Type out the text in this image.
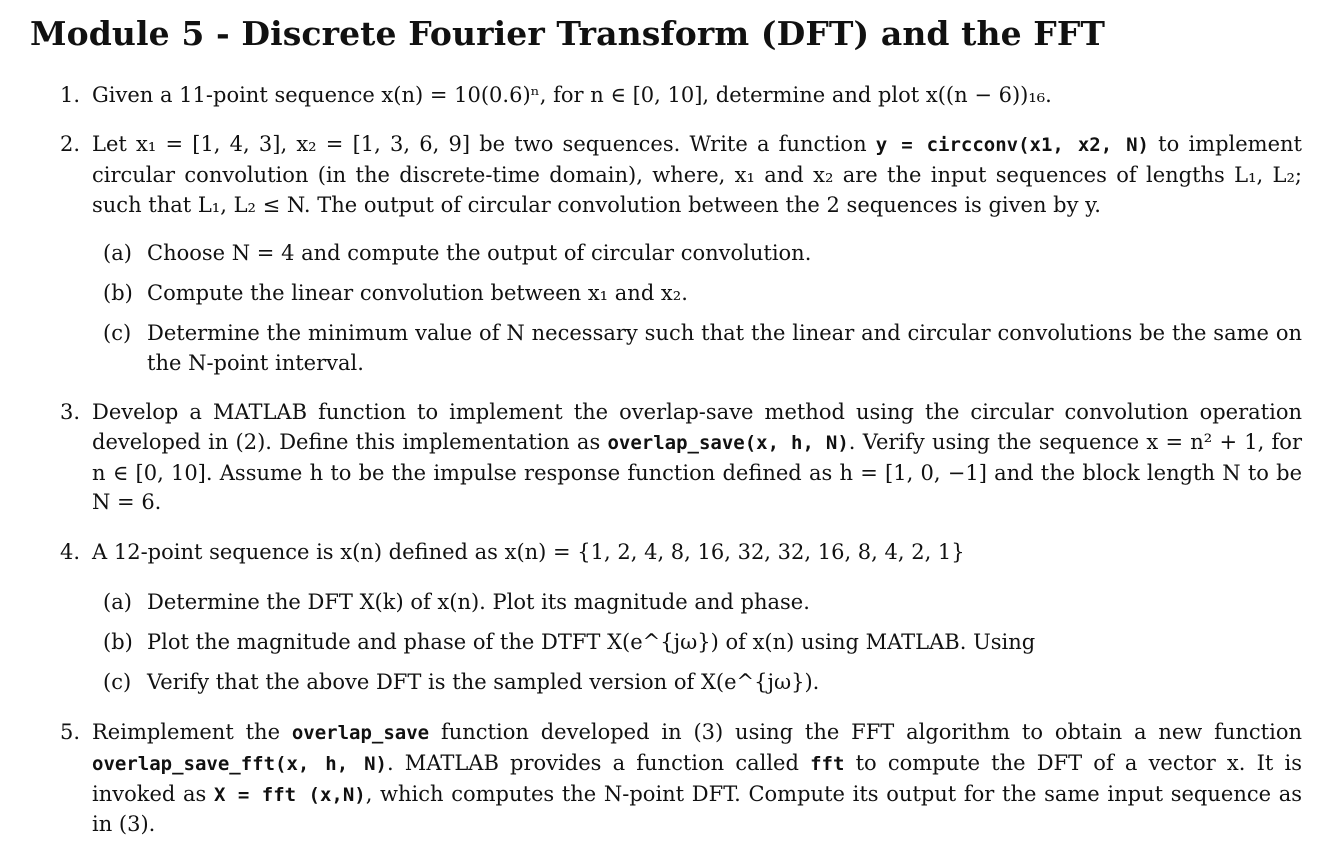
Module 5 - Discrete Fourier Transform (DFT) and the FFT
1. Given a 11-point sequence x(n) = 10(0.6)ⁿ, for n ∈ [0, 10], determine and plot x((n − 6))₁₆.
2. Let x₁ = [1, 4, 3], x₂ = [1, 3, 6, 9] be two sequences. Write a function y = circconv(x1, x2, N) to implement circular convolution (in the discrete-time domain), where, x₁ and x₂ are the input sequences of lengths L₁, L₂; such that L₁, L₂ ≤ N. The output of circular convolution between the 2 sequences is given by y.
(a) Choose N = 4 and compute the output of circular convolution.
(b) Compute the linear convolution between x₁ and x₂.
(c) Determine the minimum value of N necessary such that the linear and circular convolutions be the same on the N-point interval.
3. Develop a MATLAB function to implement the overlap-save method using the circular convolution operation developed in (2). Define this implementation as overlap_save(x, h, N). Verify using the sequence x = n² + 1, for n ∈ [0, 10]. Assume h to be the impulse response function defined as h = [1, 0, −1] and the block length N to be N = 6.
4. A 12-point sequence is x(n) defined as x(n) = {1, 2, 4, 8, 16, 32, 32, 16, 8, 4, 2, 1}
(a) Determine the DFT X(k) of x(n). Plot its magnitude and phase.
(b) Plot the magnitude and phase of the DTFT X(e^{jω}) of x(n) using MATLAB. Using
(c) Verify that the above DFT is the sampled version of X(e^{jω}).
5. Reimplement the overlap_save function developed in (3) using the FFT algorithm to obtain a new function overlap_save_fft(x, h, N). MATLAB provides a function called fft to compute the DFT of a vector x. It is invoked as X = fft (x,N), which computes the N-point DFT. Compute its output for the same input sequence as in (3).
